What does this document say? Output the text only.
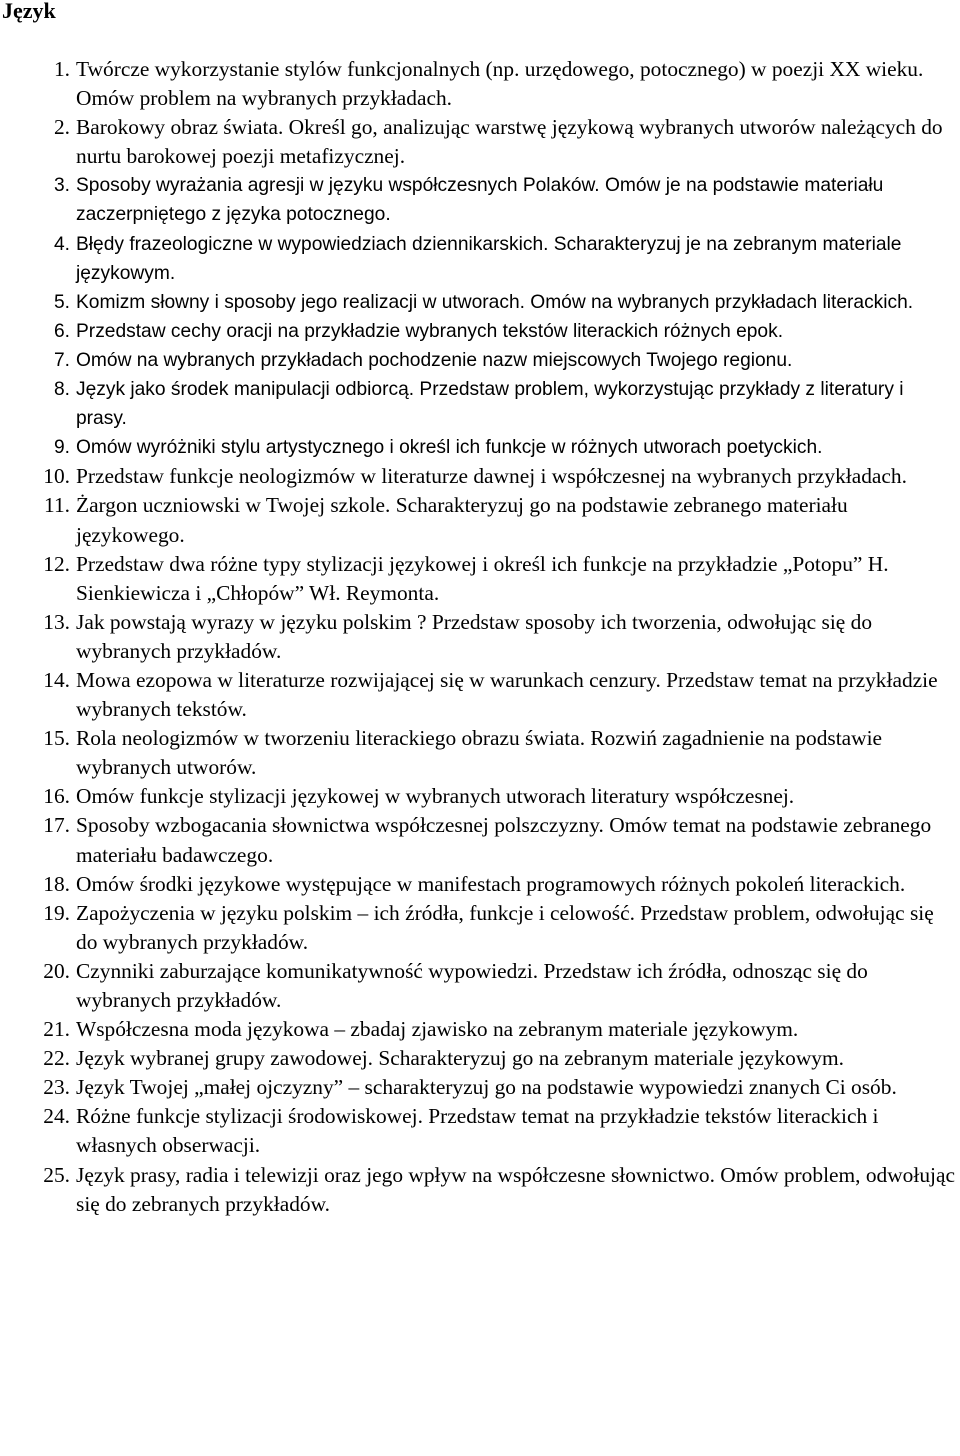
Język
1. Twórcze wykorzystanie stylów funkcjonalnych (np. urzędowego, potocznego) w poezji XX wieku. Omów problem na wybranych przykładach.
2. Barokowy obraz świata. Określ go, analizując warstwę językową wybranych utworów należących do nurtu barokowej poezji metafizycznej.
3. Sposoby wyrażania agresji w języku współczesnych Polaków. Omów je na podstawie materiału zaczerpniętego z języka potocznego.
4. Błędy frazeologiczne w wypowiedziach dziennikarskich. Scharakteryzuj je na zebranym materiale językowym.
5. Komizm słowny i sposoby jego realizacji w utworach. Omów na wybranych przykładach literackich.
6. Przedstaw cechy oracji na przykładzie wybranych tekstów literackich różnych epok.
7. Omów na wybranych przykładach pochodzenie nazw miejscowych Twojego regionu.
8. Język jako środek manipulacji odbiorcą. Przedstaw problem, wykorzystując przykłady z literatury i prasy.
9. Omów wyróżniki stylu artystycznego i określ ich funkcje w różnych utworach poetyckich.
10. Przedstaw funkcje neologizmów w literaturze dawnej i współczesnej na wybranych przykładach.
11. Żargon uczniowski w Twojej szkole. Scharakteryzuj go na podstawie zebranego materiału językowego.
12. Przedstaw dwa różne typy stylizacji językowej i określ ich funkcje na przykładzie „Potopu” H. Sienkiewicza i „Chłopów” Wł. Reymonta.
13. Jak powstają wyrazy w języku polskim ? Przedstaw sposoby ich tworzenia, odwołując się do wybranych przykładów.
14. Mowa ezopowa w literaturze rozwijającej się w warunkach cenzury. Przedstaw temat na przykładzie wybranych tekstów.
15. Rola neologizmów w tworzeniu literackiego obrazu świata. Rozwiń zagadnienie na podstawie wybranych utworów.
16. Omów funkcje stylizacji językowej w wybranych utworach literatury współczesnej.
17. Sposoby wzbogacania słownictwa współczesnej polszczyzny. Omów temat na podstawie zebranego materiału badawczego.
18. Omów środki językowe występujące w manifestach programowych różnych pokoleń literackich.
19. Zapożyczenia w języku polskim – ich źródła, funkcje i celowość. Przedstaw problem, odwołując się do wybranych przykładów.
20. Czynniki zaburzające komunikatywność wypowiedzi. Przedstaw ich źródła, odnosząc się do wybranych przykładów.
21. Współczesna moda językowa – zbadaj zjawisko na zebranym materiale językowym.
22. Język wybranej grupy zawodowej. Scharakteryzuj go na zebranym materiale językowym.
23. Język Twojej „małej ojczyzny” – scharakteryzuj go na podstawie wypowiedzi znanych Ci osób.
24. Różne funkcje stylizacji środowiskowej. Przedstaw temat na przykładzie tekstów literackich i własnych obserwacji.
25. Język prasy, radia i telewizji oraz jego wpływ na współczesne słownictwo. Omów problem, odwołując się do zebranych przykładów.
